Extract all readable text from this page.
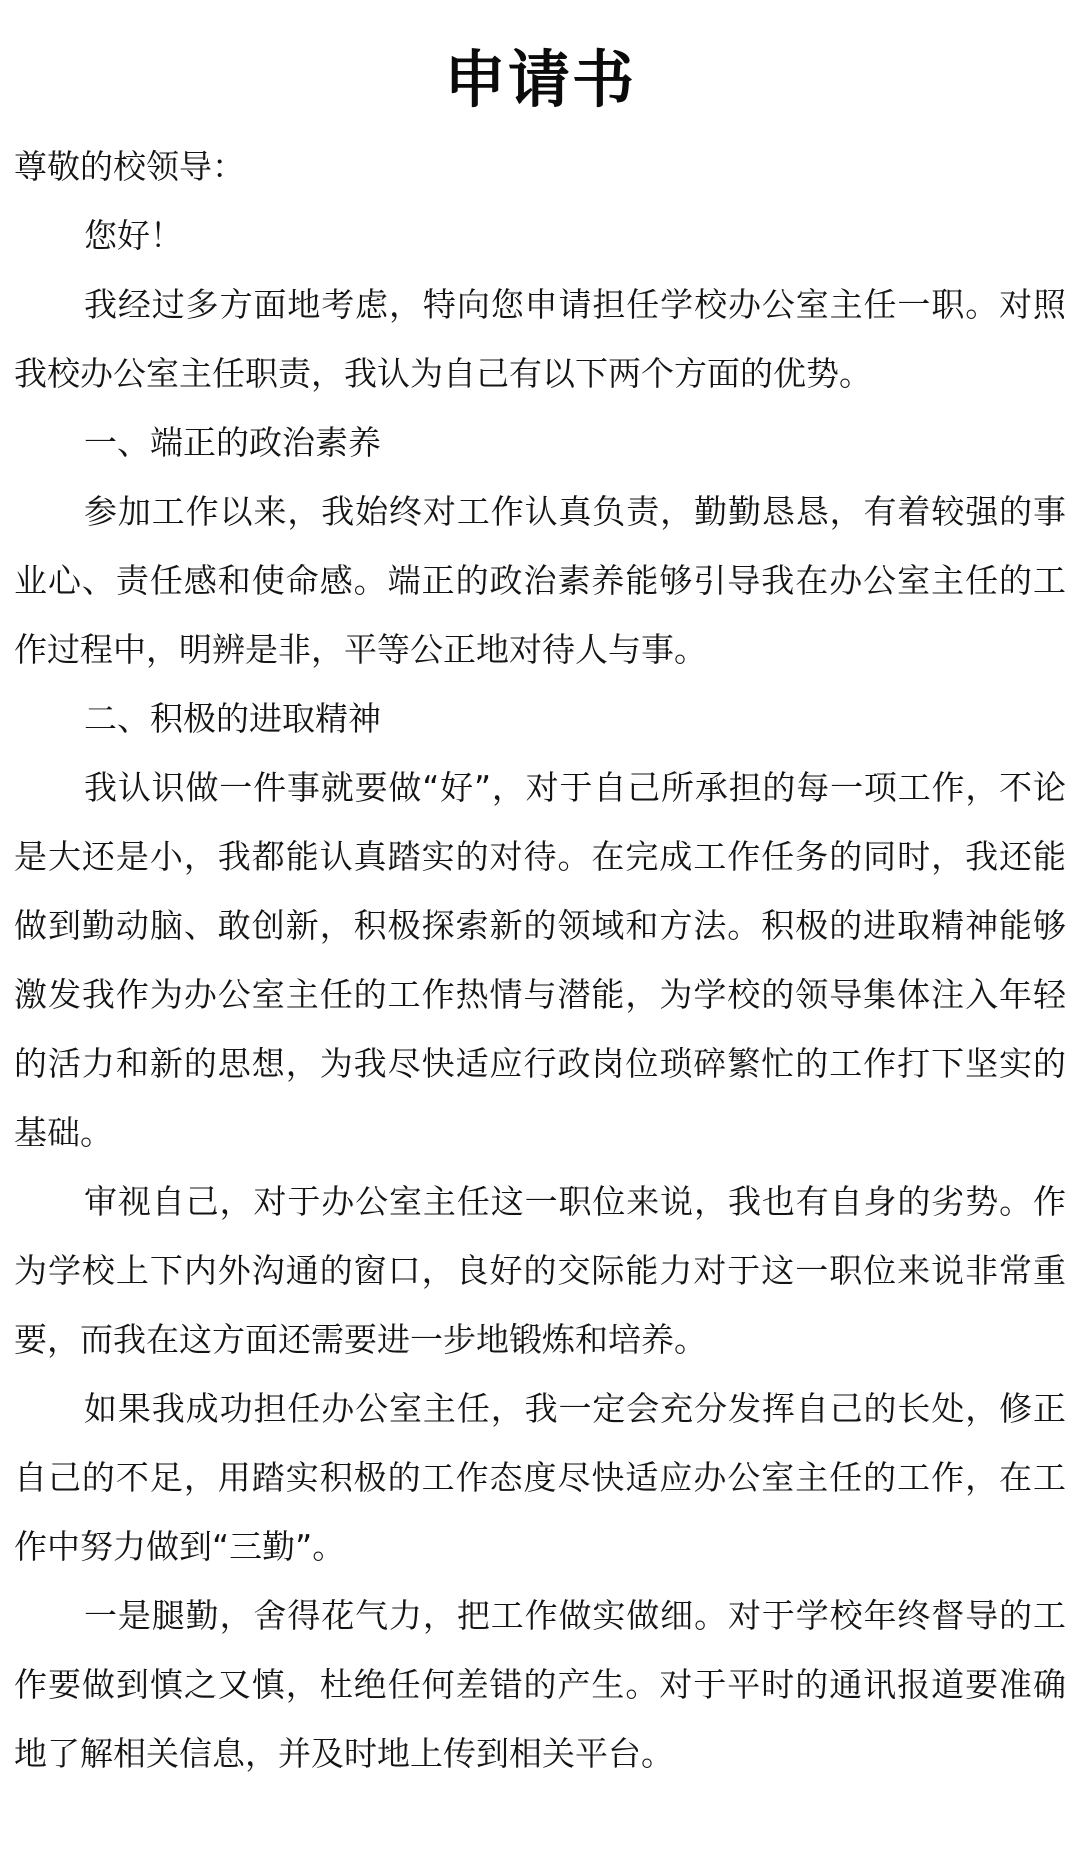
申请书

尊敬的校领导：

您好！

我经过多方面地考虑，特向您申请担任学校办公室主任一职。对照我校办公室主任职责，我认为自己有以下两个方面的优势。

一、端正的政治素养

参加工作以来，我始终对工作认真负责，勤勤恳恳，有着较强的事业心、责任感和使命感。端正的政治素养能够引导我在办公室主任的工作过程中，明辨是非，平等公正地对待人与事。

二、积极的进取精神

我认识做一件事就要做“好”，对于自己所承担的每一项工作，不论是大还是小，我都能认真踏实的对待。在完成工作任务的同时，我还能做到勤动脑、敢创新，积极探索新的领域和方法。积极的进取精神能够激发我作为办公室主任的工作热情与潜能，为学校的领导集体注入年轻的活力和新的思想，为我尽快适应行政岗位琐碎繁忙的工作打下坚实的基础。

审视自己，对于办公室主任这一职位来说，我也有自身的劣势。作为学校上下内外沟通的窗口，良好的交际能力对于这一职位来说非常重要，而我在这方面还需要进一步地锻炼和培养。

如果我成功担任办公室主任，我一定会充分发挥自己的长处，修正自己的不足，用踏实积极的工作态度尽快适应办公室主任的工作，在工作中努力做到“三勤”。

一是腿勤，舍得花气力，把工作做实做细。对于学校年终督导的工作要做到慎之又慎，杜绝任何差错的产生。对于平时的通讯报道要准确地了解相关信息，并及时地上传到相关平台。
